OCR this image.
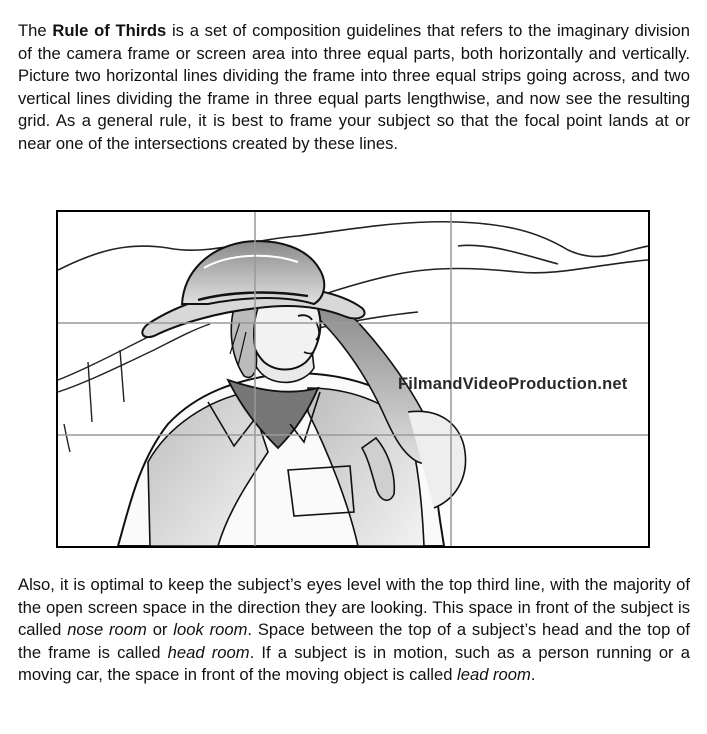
The Rule of Thirds is a set of composition guidelines that refers to the imaginary division of the camera frame or screen area into three equal parts, both horizontally and vertically. Picture two horizontal lines dividing the frame into three equal strips going across, and two vertical lines dividing the frame in three equal parts lengthwise, and now see the resulting grid. As a general rule, it is best to frame your subject so that the focal point lands at or near one of the intersections created by these lines.

FilmandVideoProduction.net

Also, it is optimal to keep the subject’s eyes level with the top third line, with the majority of the open screen space in the direction they are looking. This space in front of the subject is called nose room or look room. Space between the top of a subject’s head and the top of the frame is called head room. If a subject is in motion, such as a person running or a moving car, the space in front of the moving object is called lead room.
